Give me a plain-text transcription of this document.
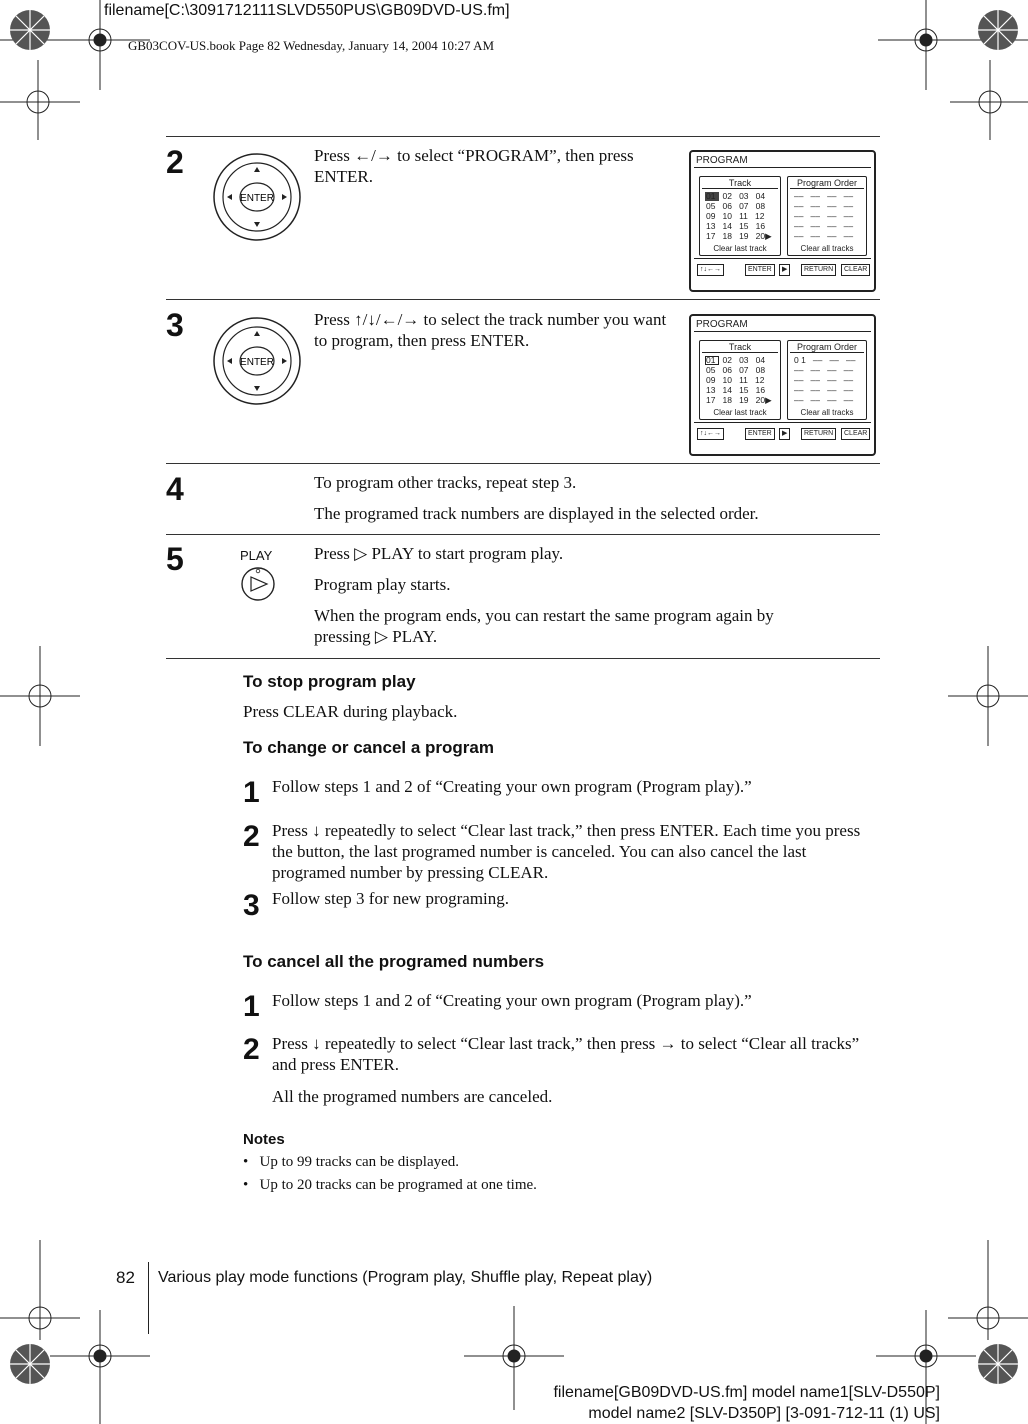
filename[C:\3091712111SLVD550PUS\GB09DVD-US.fm]
GB03COV-US.book Page 82 Wednesday, January 14, 2004 10:27 AM
2
ENTER
Press ←/→ to select “PROGRAM”, then press ENTER.
PROGRAM
Track
01   02   03   04
05   06   07   08
09   10   11   12
13   14   15   16
17   18   19   20▶
Clear last track
Program Order
––   ––   ––   ––
––   ––   ––   ––
––   ––   ––   ––
––   ––   ––   ––
––   ––   ––   ––
Clear all tracks
↑↓←→	ENTER	▶	RETURN	CLEAR
3
ENTER
Press ↑/↓/←/→ to select the track number you want to program, then press ENTER.
PROGRAM
Track
01   02   03   04
05   06   07   08
09   10   11   12
13   14   15   16
17   18   19   20▶
Clear last track
Program Order
0 1   ––   ––   ––
––   ––   ––   ––
––   ––   ––   ––
––   ––   ––   ––
––   ––   ––   ––
Clear all tracks
↑↓←→	ENTER	▶	RETURN	CLEAR
4	To program other tracks, repeat step 3.
The programed track numbers are displayed in the selected order.
5	PLAY Press ▷ PLAY to start program play.
Program play starts.
When the program ends, you can restart the same program again by pressing ▷ PLAY.
To stop program play
Press CLEAR during playback.
To change or cancel a program
1 Follow steps 1 and 2 of “Creating your own program (Program play).”
2 Press ↓ repeatedly to select “Clear last track,” then press ENTER. Each time you press the button, the last programed number is canceled. You can also cancel the last programed number by pressing CLEAR.
3 Follow step 3 for new programing.
To cancel all the programed numbers
1 Follow steps 1 and 2 of “Creating your own program (Program play).”
2 Press ↓ repeatedly to select “Clear last track,” then press → to select “Clear all tracks” and press ENTER.
All the programed numbers are canceled.
Notes
•   Up to 99 tracks can be displayed.
•   Up to 20 tracks can be programed at one time.
82 Various play mode functions (Program play, Shuffle play, Repeat play)
filename[GB09DVD-US.fm] model name1[SLV-D550P]
model name2 [SLV-D350P] [3-091-712-11 (1) US]
